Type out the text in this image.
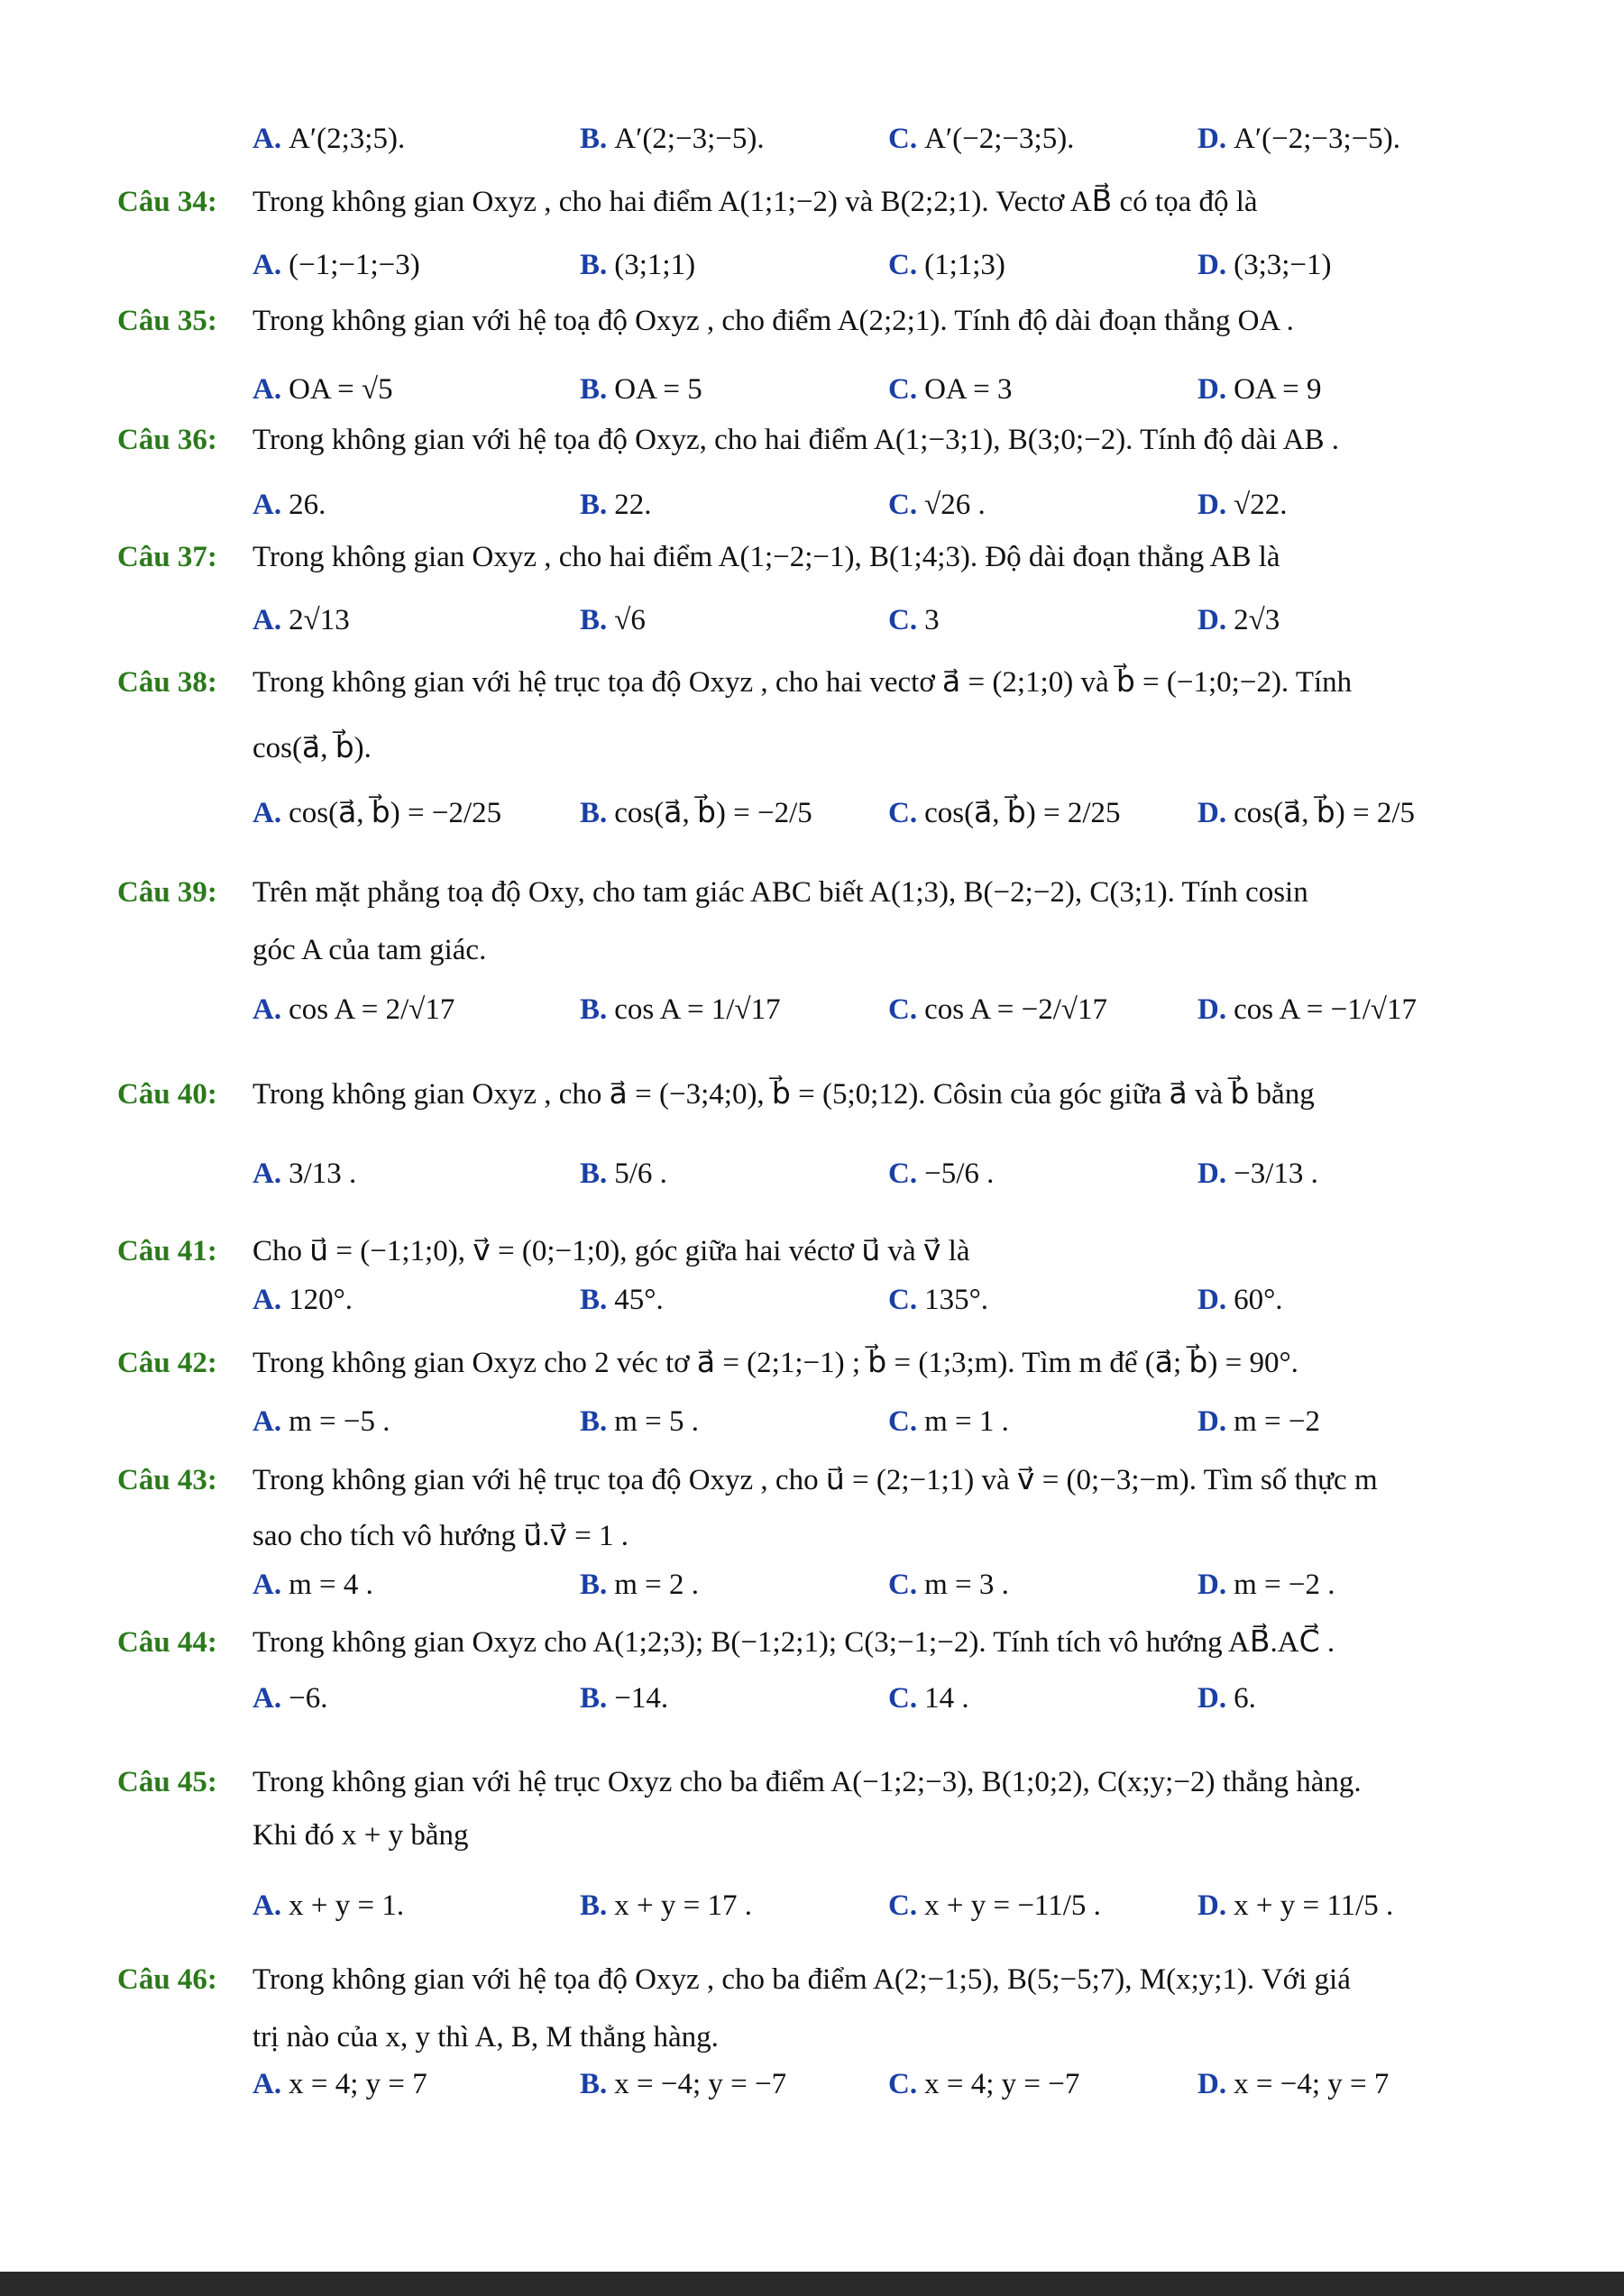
A. A′(2;3;5).	B. A′(2;−3;−5).	C. A′(−2;−3;5).	D. A′(−2;−3;−5).
Câu 34: Trong không gian Oxyz , cho hai điểm A(1;1;−2) và B(2;2;1). Vectơ AB⃗ có tọa độ là
A. (−1;−1;−3)	B. (3;1;1)	C. (1;1;3)	D. (3;3;−1)
Câu 35: Trong không gian với hệ toạ độ Oxyz , cho điểm A(2;2;1). Tính độ dài đoạn thẳng OA .
A. OA = √5	B. OA = 5	C. OA = 3	D. OA = 9
Câu 36: Trong không gian với hệ tọa độ Oxyz, cho hai điểm A(1;−3;1), B(3;0;−2). Tính độ dài AB .
A. 26.	B. 22.	C. √26 .	D. √22.
Câu 37: Trong không gian Oxyz , cho hai điểm A(1;−2;−1), B(1;4;3). Độ dài đoạn thẳng AB là
A. 2√13	B. √6	C. 3	D. 2√3
Câu 38: Trong không gian với hệ trục tọa độ Oxyz , cho hai vectơ a⃗ = (2;1;0) và b⃗ = (−1;0;−2). Tính
cos(a⃗, b⃗).
A. cos(a⃗, b⃗) = −2/25	B. cos(a⃗, b⃗) = −2/5	C. cos(a⃗, b⃗) = 2/25	D. cos(a⃗, b⃗) = 2/5
Câu 39: Trên mặt phẳng toạ độ Oxy, cho tam giác ABC biết A(1;3), B(−2;−2), C(3;1). Tính cosin
góc A của tam giác.
A. cos A = 2/√17	B. cos A = 1/√17	C. cos A = −2/√17	D. cos A = −1/√17
Câu 40: Trong không gian Oxyz , cho a⃗ = (−3;4;0), b⃗ = (5;0;12). Côsin của góc giữa a⃗ và b⃗ bằng
A. 3/13 .	B. 5/6 .	C. −5/6 .	D. −3/13 .
Câu 41: Cho u⃗ = (−1;1;0), v⃗ = (0;−1;0), góc giữa hai véctơ u⃗ và v⃗ là
A. 120°.	B. 45°.	C. 135°.	D. 60°.
Câu 42: Trong không gian Oxyz cho 2 véc tơ a⃗ = (2;1;−1) ; b⃗ = (1;3;m). Tìm m để (a⃗; b⃗) = 90°.
A. m = −5 .	B. m = 5 .	C. m = 1 .	D. m = −2
Câu 43: Trong không gian với hệ trục tọa độ Oxyz , cho u⃗ = (2;−1;1) và v⃗ = (0;−3;−m). Tìm số thực m
sao cho tích vô hướng u⃗.v⃗ = 1 .
A. m = 4 .	B. m = 2 .	C. m = 3 .	D. m = −2 .
Câu 44: Trong không gian Oxyz cho A(1;2;3); B(−1;2;1); C(3;−1;−2). Tính tích vô hướng AB⃗.AC⃗ .
A. −6.	B. −14.	C. 14 .	D. 6.
Câu 45: Trong không gian với hệ trục Oxyz cho ba điểm A(−1;2;−3), B(1;0;2), C(x;y;−2) thẳng hàng.
Khi đó x + y bằng
A. x + y = 1.	B. x + y = 17 .	C. x + y = −11/5 .	D. x + y = 11/5 .
Câu 46: Trong không gian với hệ tọa độ Oxyz , cho ba điểm A(2;−1;5), B(5;−5;7), M(x;y;1). Với giá
trị nào của x, y thì A, B, M thẳng hàng.
A. x = 4; y = 7	B. x = −4; y = −7	C. x = 4; y = −7	D. x = −4; y = 7
